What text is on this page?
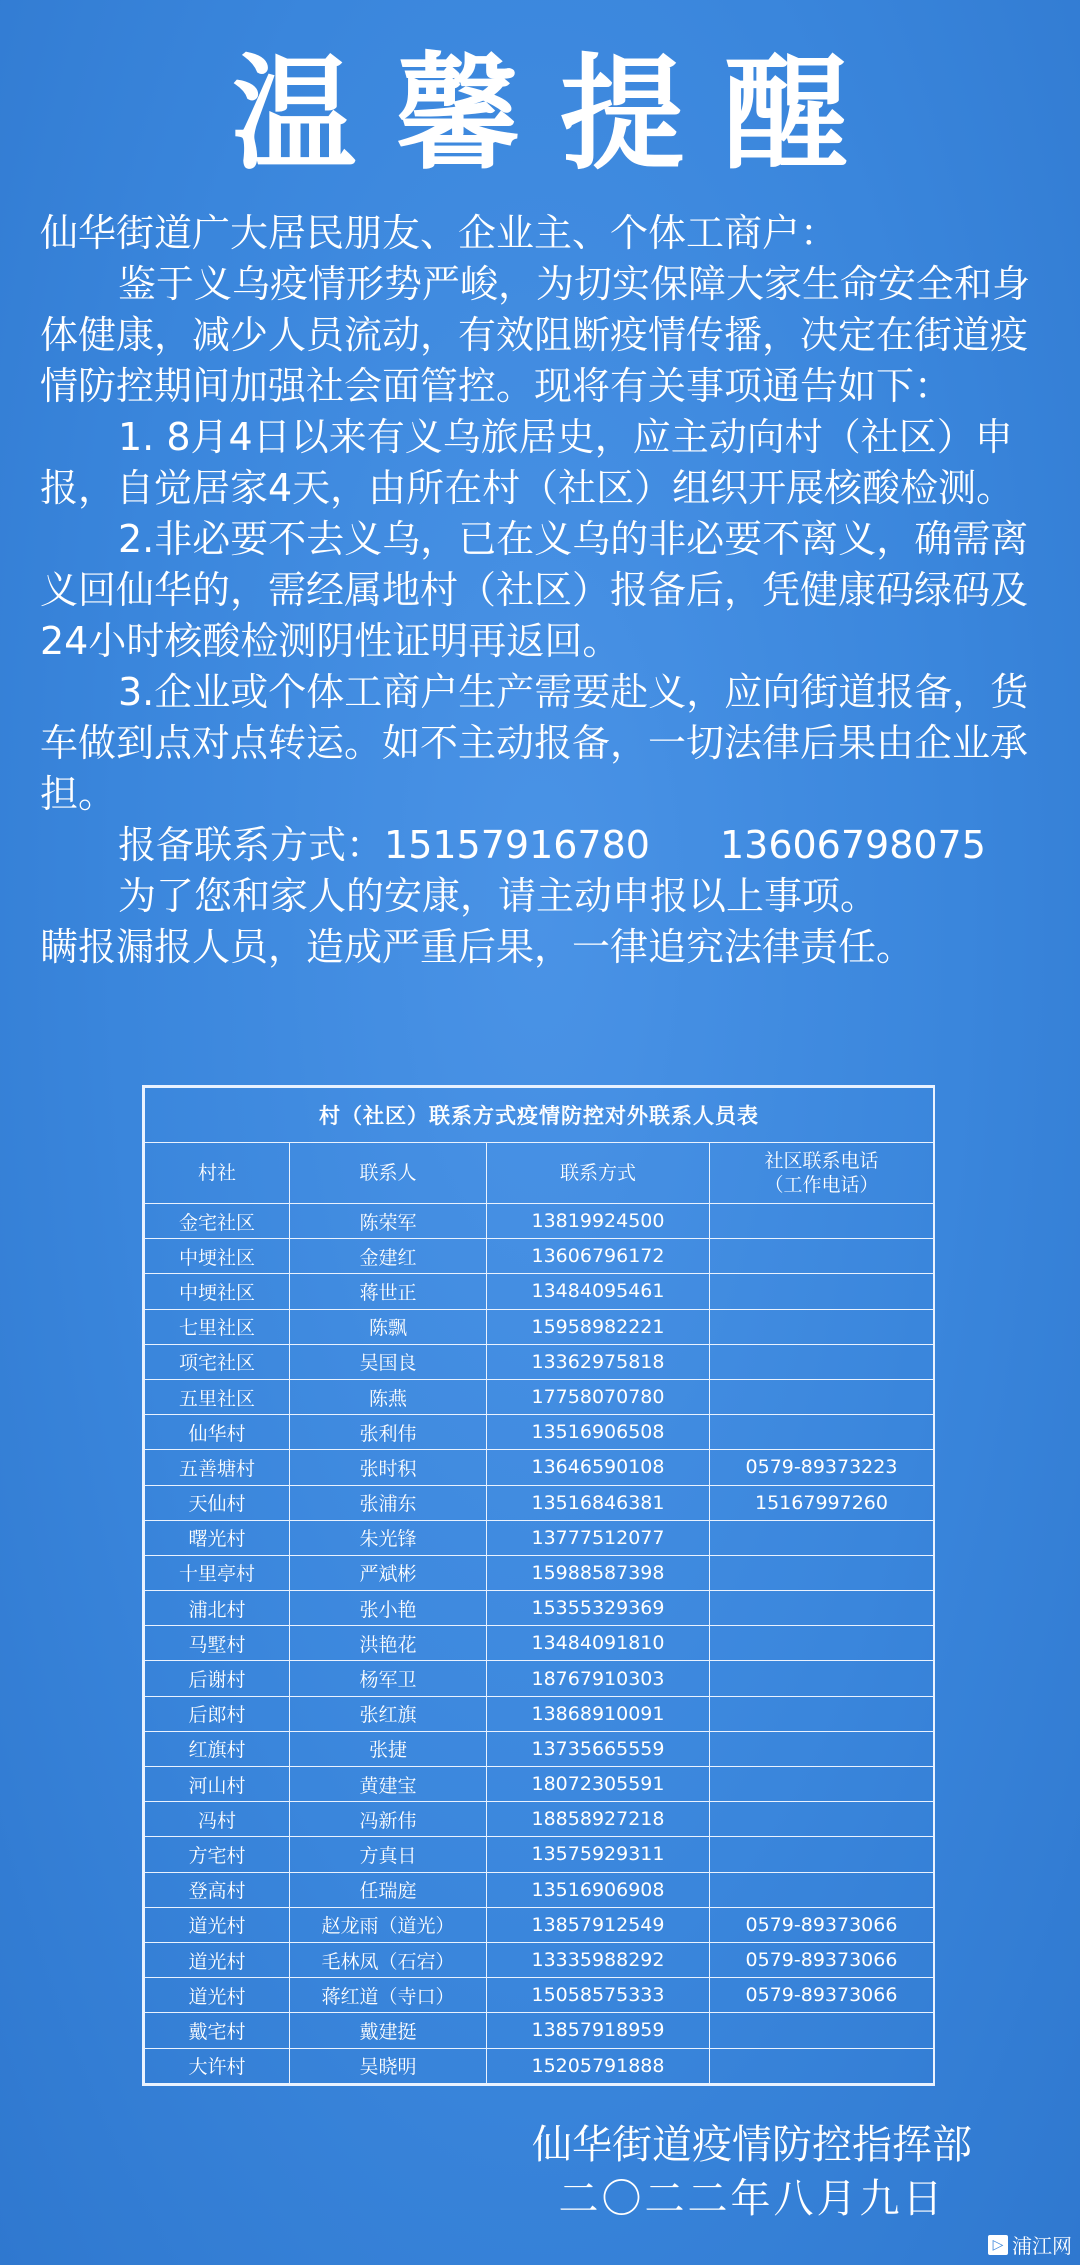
温馨提醒

仙华街道广大居民朋友、企业主、个体工商户：

鉴于义乌疫情形势严峻，为切实保障大家生命安全和身体健康，减少人员流动，有效阻断疫情传播，决定在街道疫情防控期间加强社会面管控。现将有关事项通告如下：

1. 8月4日以来有义乌旅居史，应主动向村（社区）申报，自觉居家4天，由所在村（社区）组织开展核酸检测。

2.非必要不去义乌，已在义乌的非必要不离义，确需离义回仙华的，需经属地村（社区）报备后，凭健康码绿码及24小时核酸检测阴性证明再返回。

3.企业或个体工商户生产需要赴义，应向街道报备，货车做到点对点转运。如不主动报备，一切法律后果由企业承担。

报备联系方式：15157916780 13606798075

为了您和家人的安康，请主动申报以上事项。

瞒报漏报人员，造成严重后果，一律追究法律责任。

村（社区）联系方式疫情防控对外联系人员表			
村社	联系人	联系方式	社区联系电话
（工作电话）
金宅社区	陈荣军	13819924500	
中埂社区	金建红	13606796172	
中埂社区	蒋世正	13484095461	
七里社区	陈飘	15958982221	
项宅社区	吴国良	13362975818	
五里社区	陈燕	17758070780	
仙华村	张利伟	13516906508	
五善塘村	张时积	13646590108	0579-89373223
天仙村	张浦东	13516846381	15167997260
曙光村	朱光锋	13777512077	
十里亭村	严斌彬	15988587398	
浦北村	张小艳	15355329369	
马墅村	洪艳花	13484091810	
后谢村	杨军卫	18767910303	
后郎村	张红旗	13868910091	
红旗村	张捷	13735665559	
河山村	黄建宝	18072305591	
冯村	冯新伟	18858927218	
方宅村	方真日	13575929311	
登高村	任瑞庭	13516906908	
道光村	赵龙雨（道光）	13857912549	0579-89373066
道光村	毛林凤（石宕）	13335988292	0579-89373066
道光村	蒋红道（寺口）	15058575333	0579-89373066
戴宅村	戴建挺	13857918959	
大许村	吴晓明	15205791888	
仙华街道疫情防控指挥部
二〇二二年八月九日
▷ 浦江网
